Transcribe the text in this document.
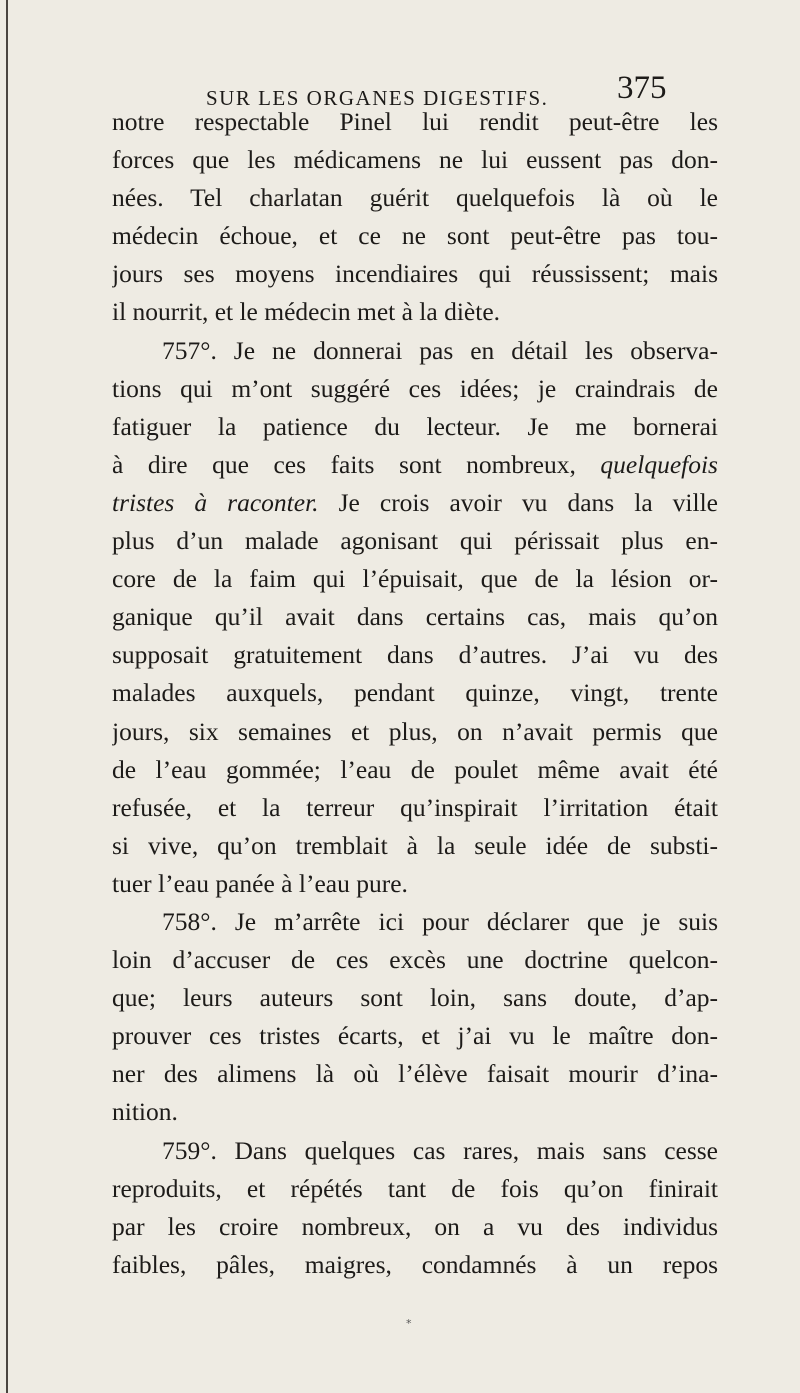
SUR LES ORGANES DIGESTIFS.	375
notre respectable Pinel lui rendit peut-être les
forces que les médicamens ne lui eussent pas don-
nées. Tel charlatan guérit quelquefois là où le
médecin échoue, et ce ne sont peut-être pas tou-
jours ses moyens incendiaires qui réussissent; mais
il nourrit, et le médecin met à la diète.
757°. Je ne donnerai pas en détail les observa-
tions qui m’ont suggéré ces idées; je craindrais de
fatiguer la patience du lecteur. Je me bornerai
à dire que ces faits sont nombreux, quelquefois
tristes à raconter. Je crois avoir vu dans la ville
plus d’un malade agonisant qui périssait plus en-
core de la faim qui l’épuisait, que de la lésion or-
ganique qu’il avait dans certains cas, mais qu’on
supposait gratuitement dans d’autres. J’ai vu des
malades auxquels, pendant quinze, vingt, trente
jours, six semaines et plus, on n’avait permis que
de l’eau gommée; l’eau de poulet même avait été
refusée, et la terreur qu’inspirait l’irritation était
si vive, qu’on tremblait à la seule idée de substi-
tuer l’eau panée à l’eau pure.
758°. Je m’arrête ici pour déclarer que je suis
loin d’accuser de ces excès une doctrine quelcon-
que; leurs auteurs sont loin, sans doute, d’ap-
prouver ces tristes écarts, et j’ai vu le maître don-
ner des alimens là où l’élève faisait mourir d’ina-
nition.
759°. Dans quelques cas rares, mais sans cesse
reproduits, et répétés tant de fois qu’on finirait
par les croire nombreux, on a vu des individus
faibles, pâles, maigres, condamnés à un repos
*
